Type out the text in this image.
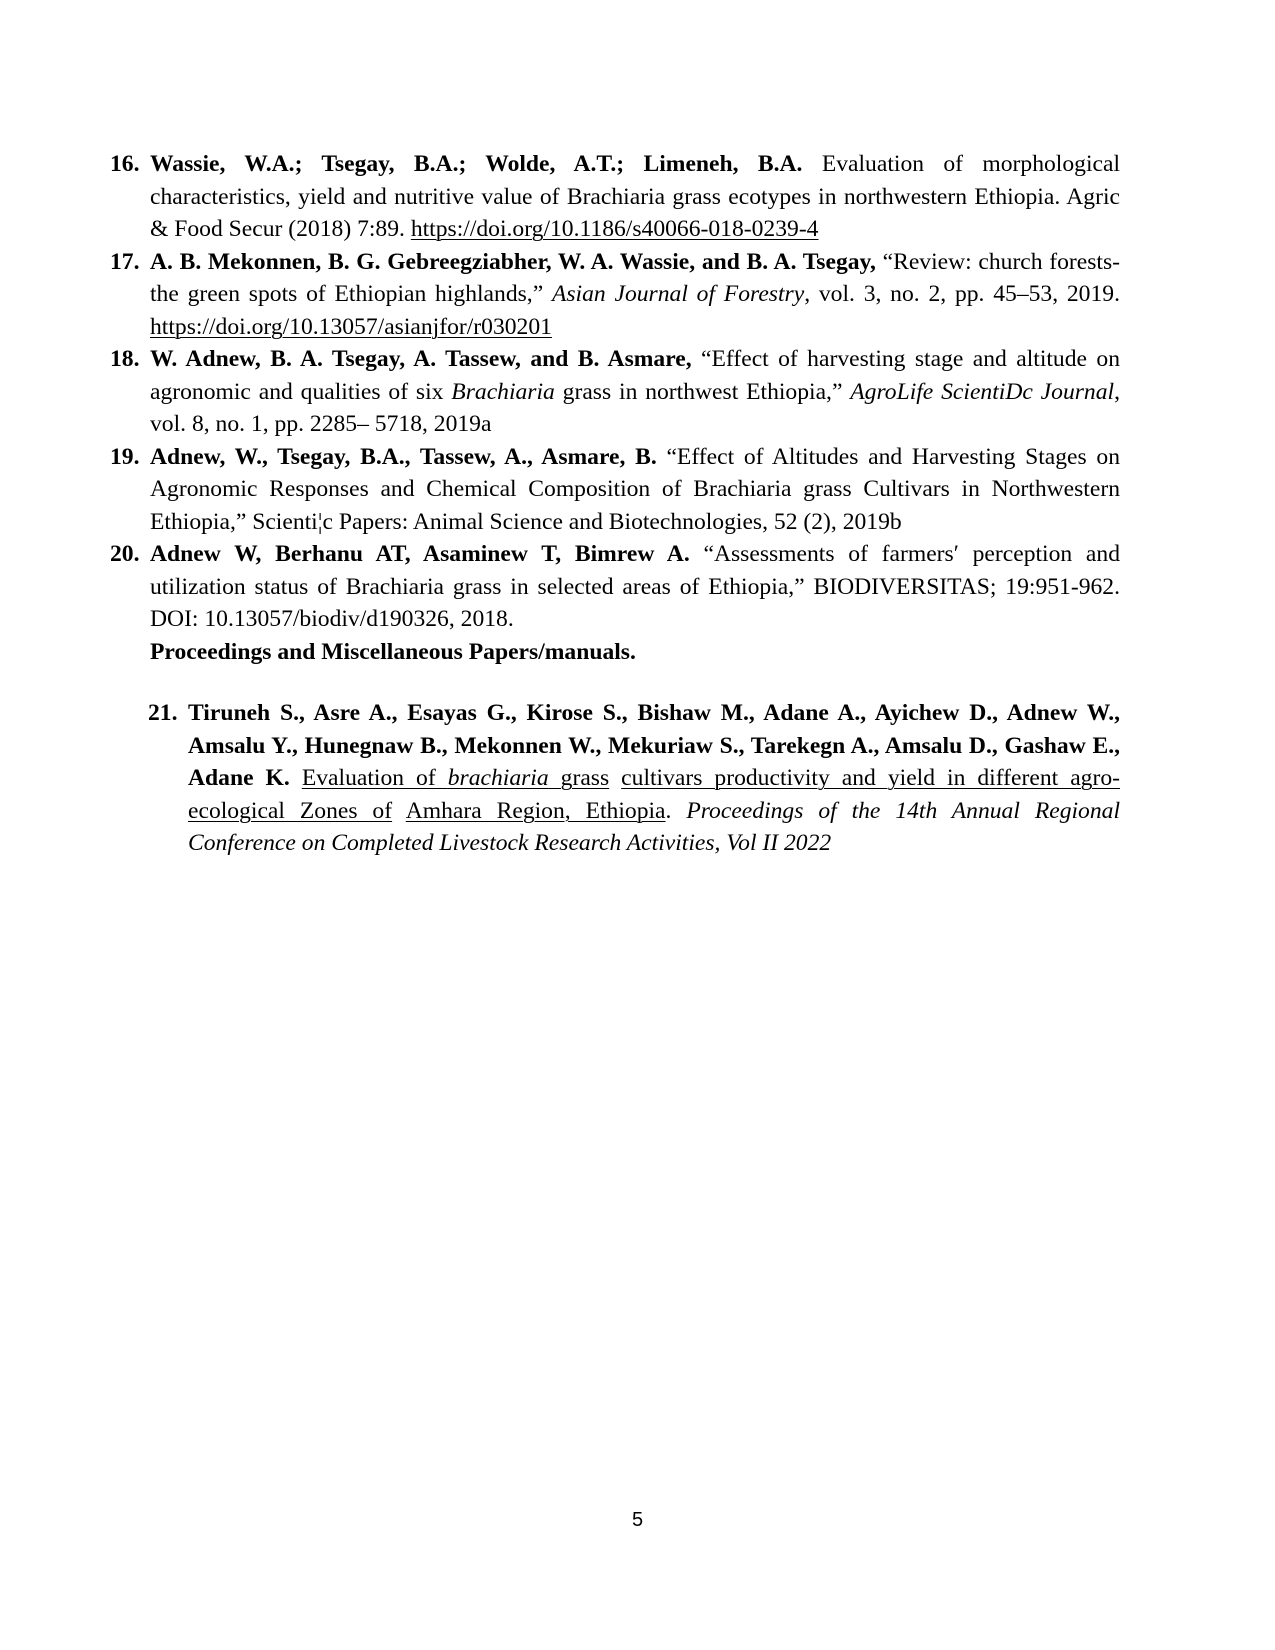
16. Wassie, W.A.; Tsegay, B.A.; Wolde, A.T.; Limeneh, B.A. Evaluation of morphological characteristics, yield and nutritive value of Brachiaria grass ecotypes in northwestern Ethiopia. Agric & Food Secur (2018) 7:89. https://doi.org/10.1186/s40066-018-0239-4
17. A. B. Mekonnen, B. G. Gebreegziabher, W. A. Wassie, and B. A. Tsegay, “Review: church forests-the green spots of Ethiopian highlands,” Asian Journal of Forestry, vol. 3, no. 2, pp. 45–53, 2019. https://doi.org/10.13057/asianjfor/r030201
18. W. Adnew, B. A. Tsegay, A. Tassew, and B. Asmare, “Effect of harvesting stage and altitude on agronomic and qualities of six Brachiaria grass in northwest Ethiopia,” AgroLife ScientiDc Journal, vol. 8, no. 1, pp. 2285– 5718, 2019a
19. Adnew, W., Tsegay, B.A., Tassew, A., Asmare, B. “Effect of Altitudes and Harvesting Stages on Agronomic Responses and Chemical Composition of Brachiaria grass Cultivars in Northwestern Ethiopia,” Scienti¦c Papers: Animal Science and Biotechnologies, 52 (2), 2019b
20. Adnew W, Berhanu AT, Asaminew T, Bimrew A. “Assessments of farmers′ perception and utilization status of Brachiaria grass in selected areas of Ethiopia,” BIODIVERSITAS; 19:951-962. DOI: 10.13057/biodiv/d190326, 2018.
Proceedings and Miscellaneous Papers/manuals.
21. Tiruneh S., Asre A., Esayas G., Kirose S., Bishaw M., Adane A., Ayichew D., Adnew W., Amsalu Y., Hunegnaw B., Mekonnen W., Mekuriaw S., Tarekegn A., Amsalu D., Gashaw E., Adane K. Evaluation of brachiaria grass cultivars productivity and yield in different agro-ecological Zones of Amhara Region, Ethiopia. Proceedings of the 14th Annual Regional Conference on Completed Livestock Research Activities, Vol II 2022
5
